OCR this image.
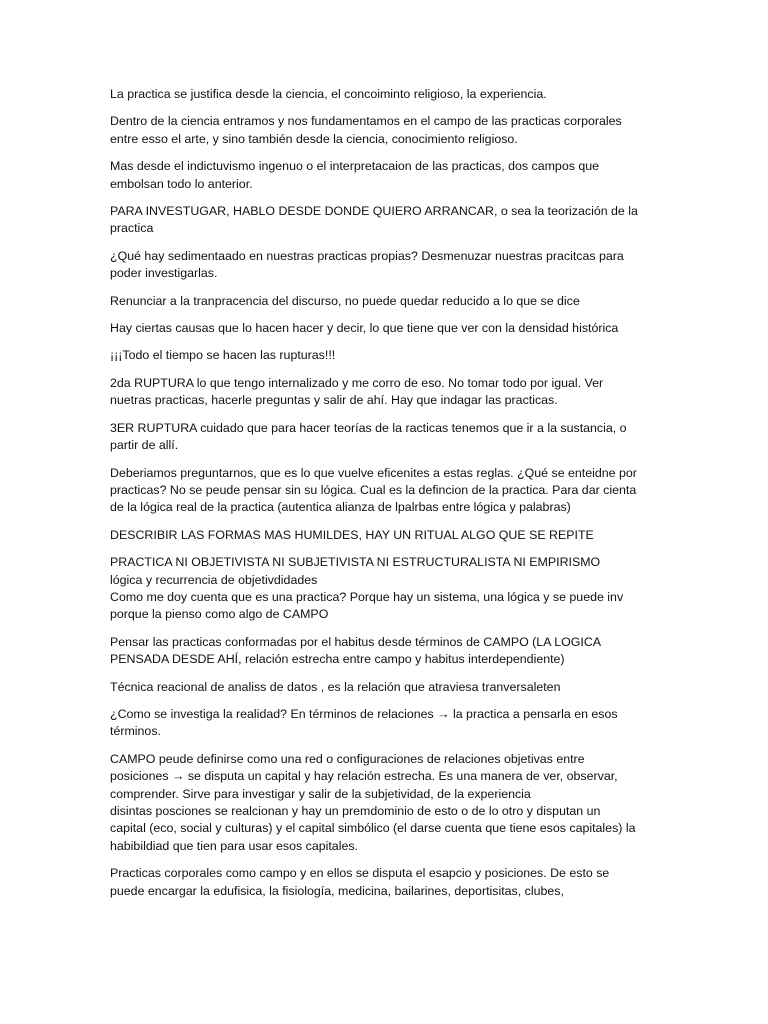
La practica se justifica desde la ciencia, el concoiminto religioso, la experiencia.

Dentro de la ciencia entramos y nos fundamentamos en el campo de las practicas corporales
entre esso el arte, y sino también desde la ciencia, conocimiento religioso.

Mas desde el indictuvismo ingenuo o el interpretacaion de las practicas, dos campos que
embolsan todo lo anterior.

PARA INVESTUGAR, HABLO DESDE DONDE QUIERO ARRANCAR, o sea la teorización de la
practica

¿Qué hay sedimentaado en nuestras practicas propias? Desmenuzar nuestras pracitcas para
poder investigarlas.

Renunciar a la tranpracencia del discurso, no puede quedar reducido a lo que se dice

Hay ciertas causas que lo hacen hacer y decir, lo que tiene que ver con la densidad histórica

¡¡¡Todo el tiempo se hacen las rupturas!!!

2da RUPTURA lo que tengo internalizado y me corro de eso. No tomar todo por igual. Ver
nuetras practicas, hacerle preguntas y salir de ahí. Hay que indagar las practicas.

3ER RUPTURA cuidado que para hacer teorías de la racticas tenemos que ir a la sustancia, o
partir de allí.

Deberiamos preguntarnos, que es lo que vuelve eficenites a estas reglas. ¿Qué se enteidne por
practicas? No se peude pensar sin su lógica. Cual es la defincion de la practica. Para dar cienta
de la lógica real de la practica (autentica alianza de lpalrbas entre lógica y palabras)

DESCRIBIR LAS FORMAS MAS HUMILDES, HAY UN RITUAL ALGO QUE SE REPITE

PRACTICA NI OBJETIVISTA NI SUBJETIVISTA NI ESTRUCTURALISTA NI EMPIRISMO
lógica y recurrencia de objetivdidades
Como me doy cuenta que es una practica? Porque hay un sistema, una lógica y se puede inv
porque la pienso como algo de CAMPO

Pensar las practicas conformadas por el habitus desde términos de CAMPO (LA LOGICA
PENSADA DESDE AHÍ, relación estrecha entre campo y habitus interdependiente)

Técnica reacional de analiss de datos , es la relación que atraviesa tranversaleten

¿Como se investiga la realidad? En términos de relaciones → la practica a pensarla en esos
términos.

CAMPO peude definirse como una red o configuraciones de relaciones objetivas entre
posiciones → se disputa un capital y hay relación estrecha. Es una manera de ver, observar,
comprender. Sirve para investigar y salir de la subjetividad, de la experiencia
disintas posciones se realcionan y hay un premdominio de esto o de lo otro y disputan un
capital (eco, social y culturas) y el capital simbólico (el darse cuenta que tiene esos capitales) la
habibildiad que tien para usar esos capitales.

Practicas corporales como campo y en ellos se disputa el esapcio y posiciones. De esto se
puede encargar la edufisica, la fisiología, medicina, bailarines, deportisitas, clubes,
